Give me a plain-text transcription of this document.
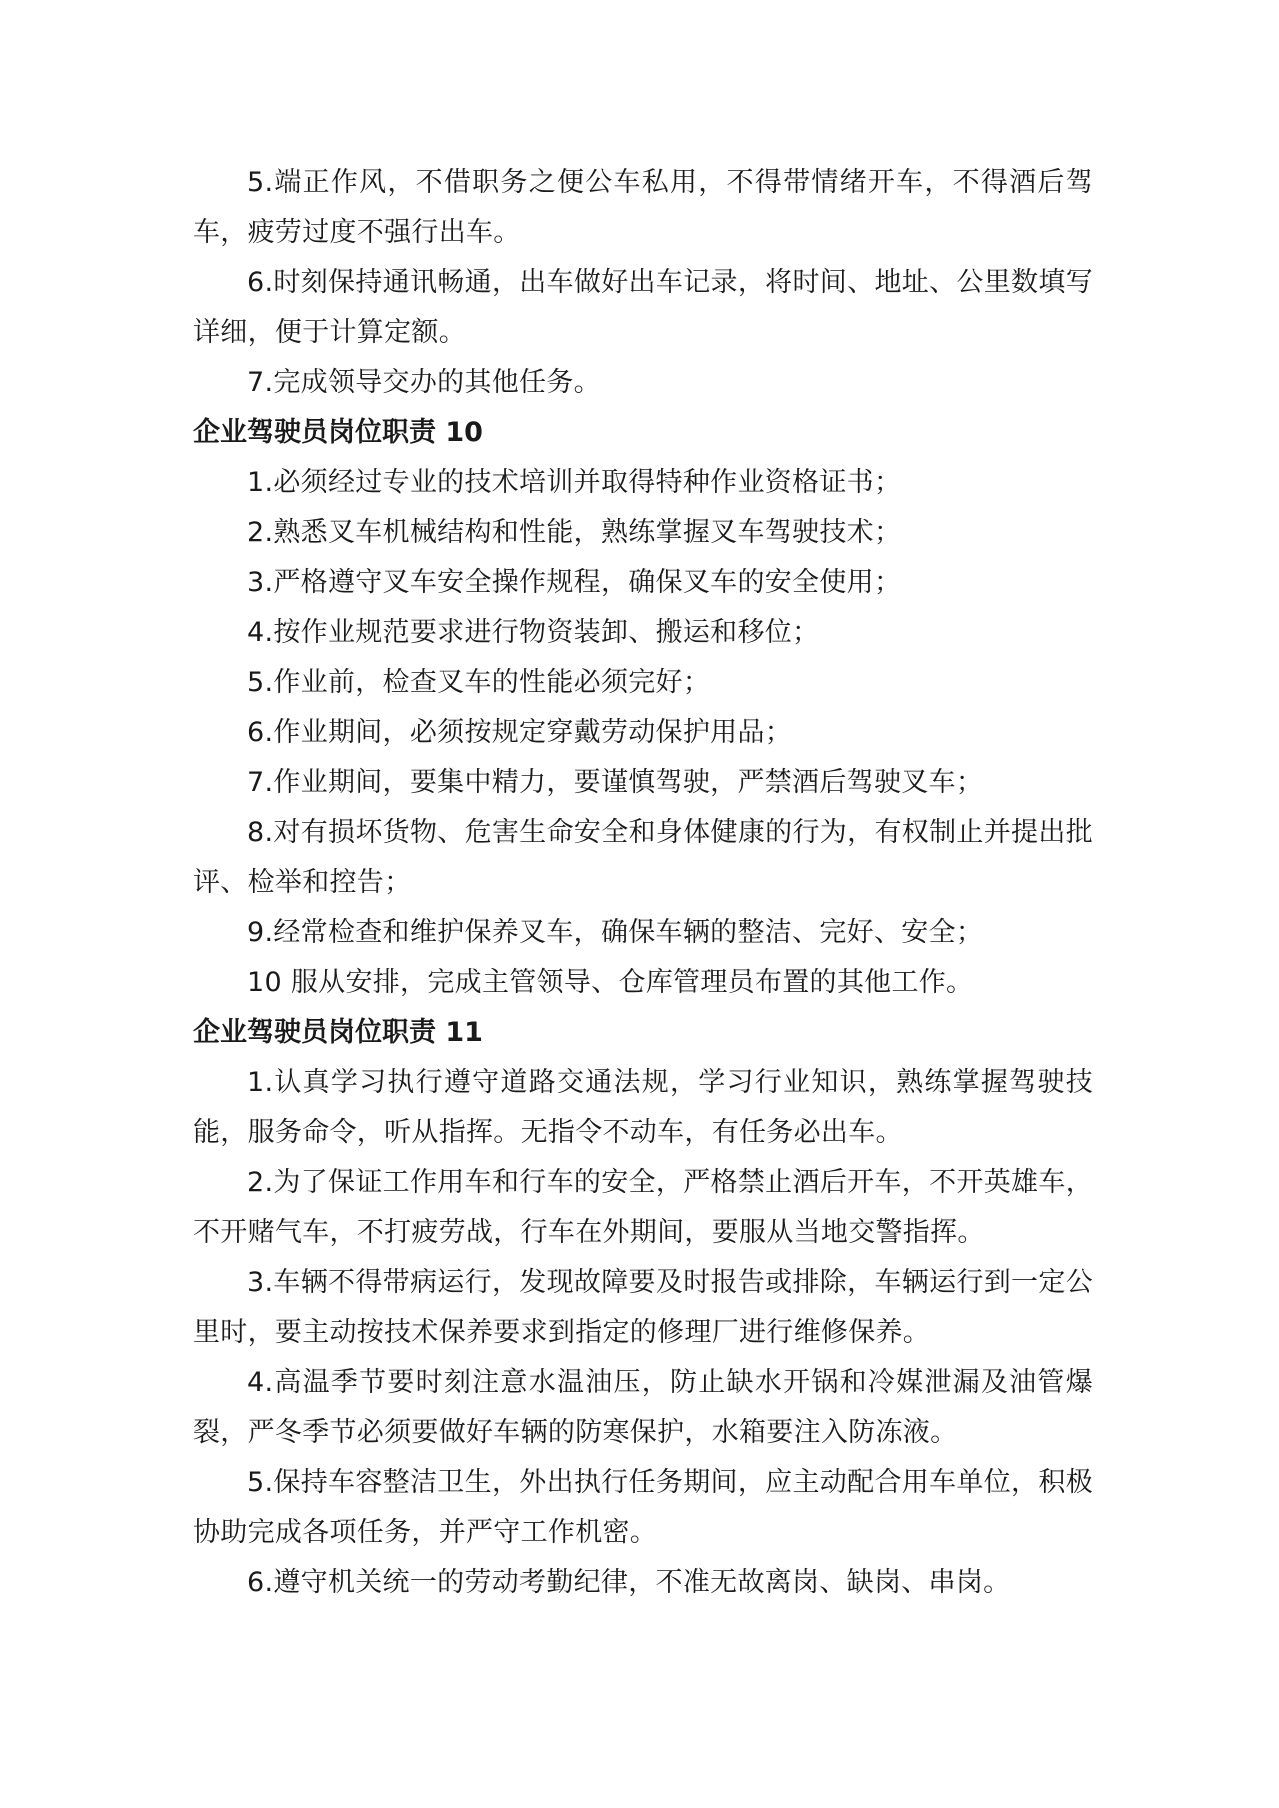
5.端正作风，不借职务之便公车私用，不得带情绪开车，不得酒后驾车，疲劳过度不强行出车。

6.时刻保持通讯畅通，出车做好出车记录，将时间、地址、公里数填写详细，便于计算定额。

7.完成领导交办的其他任务。

企业驾驶员岗位职责 10

1.必须经过专业的技术培训并取得特种作业资格证书；

2.熟悉叉车机械结构和性能，熟练掌握叉车驾驶技术；

3.严格遵守叉车安全操作规程，确保叉车的安全使用；

4.按作业规范要求进行物资装卸、搬运和移位；

5.作业前，检查叉车的性能必须完好；

6.作业期间，必须按规定穿戴劳动保护用品；

7.作业期间，要集中精力，要谨慎驾驶，严禁酒后驾驶叉车；

8.对有损坏货物、危害生命安全和身体健康的行为，有权制止并提出批评、检举和控告；

9.经常检查和维护保养叉车，确保车辆的整洁、完好、安全；

10 服从安排，完成主管领导、仓库管理员布置的其他工作。

企业驾驶员岗位职责 11

1.认真学习执行遵守道路交通法规，学习行业知识，熟练掌握驾驶技能，服务命令，听从指挥。无指令不动车，有任务必出车。

2.为了保证工作用车和行车的安全，严格禁止酒后开车，不开英雄车，不开赌气车，不打疲劳战，行车在外期间，要服从当地交警指挥。

3.车辆不得带病运行，发现故障要及时报告或排除，车辆运行到一定公里时，要主动按技术保养要求到指定的修理厂进行维修保养。

4.高温季节要时刻注意水温油压，防止缺水开锅和冷媒泄漏及油管爆裂，严冬季节必须要做好车辆的防寒保护，水箱要注入防冻液。

5.保持车容整洁卫生，外出执行任务期间，应主动配合用车单位，积极协助完成各项任务，并严守工作机密。

6.遵守机关统一的劳动考勤纪律，不准无故离岗、缺岗、串岗。
